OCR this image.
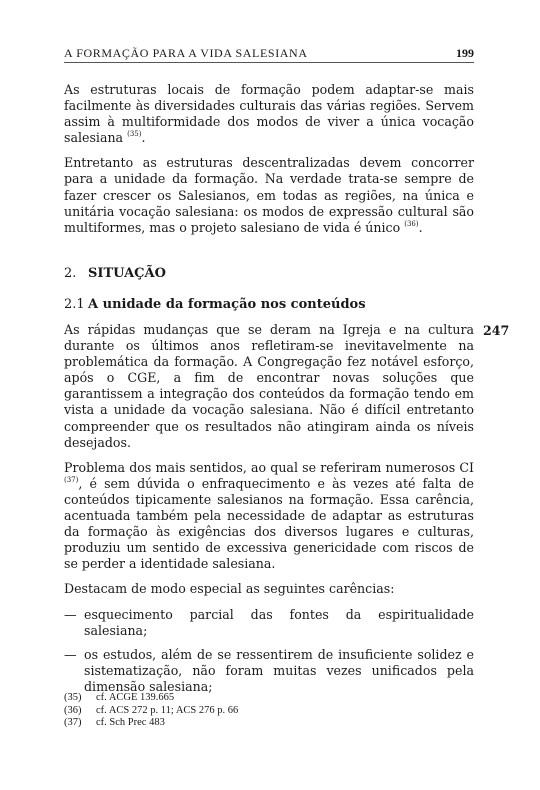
A FORMAÇÃO PARA A VIDA SALESIANA	199

As estruturas locais de formação podem adaptar-se mais facilmente às diversidades culturais das várias regiões. Servem assim à multiformidade dos modos de viver a única vocação salesiana $^{(35)}$.

Entretanto as estruturas descentralizadas devem concorrer para a unidade da formação. Na verdade trata-se sempre de fazer crescer os Salesianos, em todas as regiões, na única e unitária vocação salesiana: os modos de expressão cultural são multiformes, mas o projeto salesiano de vida é único $^{(36)}$.

2. SITUAÇÃO
2.1 A unidade da formação nos conteúdos
247

As rápidas mudanças que se deram na Igreja e na cultura durante os últimos anos refletiram-se inevitavelmente na problemática da formação. A Congregação fez notável esforço, após o CGE, a fim de encontrar novas soluções que garantissem a integração dos conteúdos da formação tendo em vista a unidade da vocação salesiana. Não é difícil entretanto compreender que os resultados não atingiram ainda os níveis desejados.

Problema dos mais sentidos, ao qual se referiram numerosos CI $^{(37)}$, é sem dúvida o enfraquecimento e às vezes até falta de conteúdos tipicamente salesianos na formação. Essa carência, acentuada também pela necessidade de adaptar as estruturas da formação às exigências dos diversos lugares e culturas, produziu um sentido de excessiva genericidade com riscos de se perder a identidade salesiana.

Destacam de modo especial as seguintes carências:

— esquecimento parcial das fontes da espiritualidade salesiana;
— os estudos, além de se ressentirem de insuficiente solidez e sistematização, não foram muitas vezes unificados pela dimensão salesiana;
(35)	cf. ACGE 139.665
(36)	cf. ACS 272 p. 11; ACS 276 p. 66
(37)	cf. Sch Prec 483
